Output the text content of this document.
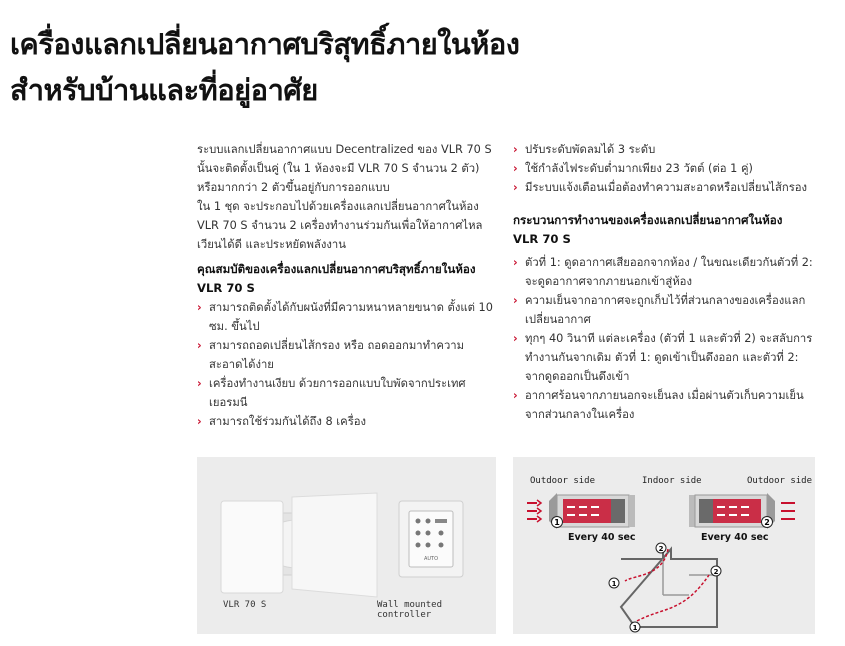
เครื่องแลกเปลี่ยนอากาศบริสุทธิ์ภายในห้อง
สำหรับบ้านและที่อยู่อาศัย

ระบบแลกเปลี่ยนอากาศแบบ Decentralized ของ VLR 70 S นั้นจะติดตั้งเป็นคู่ (ใน 1 ห้องจะมี VLR 70 S จำนวน 2 ตัว) หรือมากกว่า 2 ตัวขึ้นอยู่กับการออกแบบ

ใน 1 ชุด จะประกอบไปด้วยเครื่องแลกเปลี่ยนอากาศในห้อง VLR 70 S จำนวน 2 เครื่องทำงานร่วมกันเพื่อให้อากาศไหลเวียนได้ดี และประหยัดพลังงาน

คุณสมบัติของเครื่องแลกเปลี่ยนอากาศบริสุทธิ์ภายในห้อง

VLR 70 S

› สามารถติดตั้งได้กับผนังที่มีความหนาหลายขนาด ตั้งแต่ 10 ซม. ขึ้นไป
› สามารถถอดเปลี่ยนไส้กรอง หรือ ถอดออกมาทำความสะอาดได้ง่าย
› เครื่องทำงานเงียบ ด้วยการออกแบบใบพัดจากประเทศเยอรมนี
› สามารถใช้ร่วมกันได้ถึง 8 เครื่อง
› ปรับระดับพัดลมได้ 3 ระดับ
› ใช้กำลังไฟระดับต่ำมากเพียง 23 วัตต์ (ต่อ 1 คู่)
› มีระบบแจ้งเตือนเมื่อต้องทำความสะอาดหรือเปลี่ยนไส้กรอง

กระบวนการทำงานของเครื่องแลกเปลี่ยนอากาศในห้อง

VLR 70 S

› ตัวที่ 1: ดูดอากาศเสียออกจากห้อง / ในขณะเดียวกันตัวที่ 2: จะดูดอากาศจากภายนอกเข้าสู่ห้อง
› ความเย็นจากอากาศจะถูกเก็บไว้ที่ส่วนกลางของเครื่องแลกเปลี่ยนอากาศ
› ทุกๆ 40 วินาที แต่ละเครื่อง (ตัวที่ 1 และตัวที่ 2) จะสลับการทำงานกันจากเดิม ตัวที่ 1: ดูดเข้าเป็นดึงออก และตัวที่ 2: จากดูดออกเป็นดึงเข้า
› อากาศร้อนจากภายนอกจะเย็นลง เมื่อผ่านตัวเก็บความเย็นจากส่วนกลางในเครื่อง
AUTO
VLR 70 S	Wall mounted controller
Outdoor side	Indoor side	Outdoor side
1	2
2
1
2
1
Every 40 sec	Every 40 sec
